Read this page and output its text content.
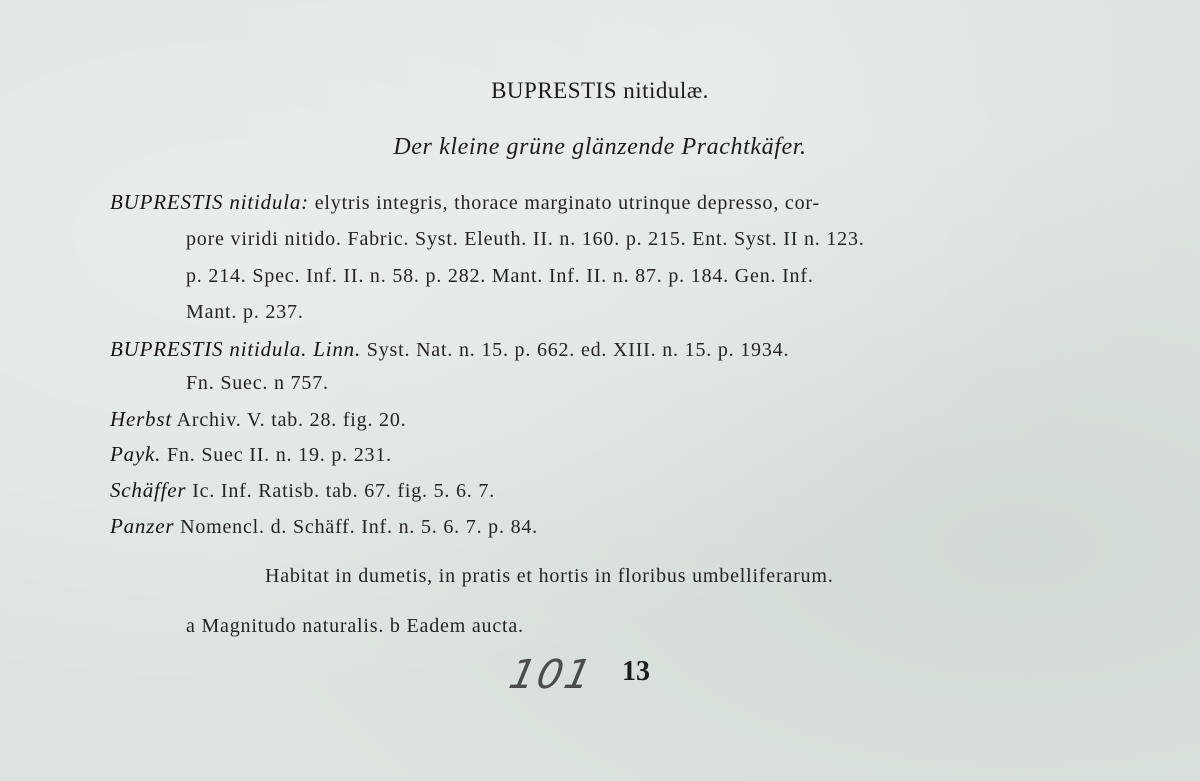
BUPRESTIS nitidulæ.
Der kleine grüne glänzende Prachtkäfer.
BUPRESTIS nitidula: elytris integris, thorace marginato utrinque depresso, cor-
pore viridi nitido. Fabric. Syst. Eleuth. II. n. 160. p. 215. Ent. Syst. II n. 123.
p. 214. Spec. Inf. II. n. 58. p. 282. Mant. Inf. II. n. 87. p. 184. Gen. Inf.
Mant. p. 237.
BUPRESTIS nitidula. Linn. Syst. Nat. n. 15. p. 662. ed. XIII. n. 15. p. 1934.
Fn. Suec. n 757.
Herbst Archiv. V. tab. 28. fig. 20.
Payk. Fn. Suec II. n. 19. p. 231.
Schäffer Ic. Inf. Ratisb. tab. 67. fig. 5. 6. 7.
Panzer Nomencl. d. Schäff. Inf. n. 5. 6. 7. p. 84.
Habitat in dumetis, in pratis et hortis in floribus umbelliferarum.
a Magnitudo naturalis. b Eadem aucta.
101 13
